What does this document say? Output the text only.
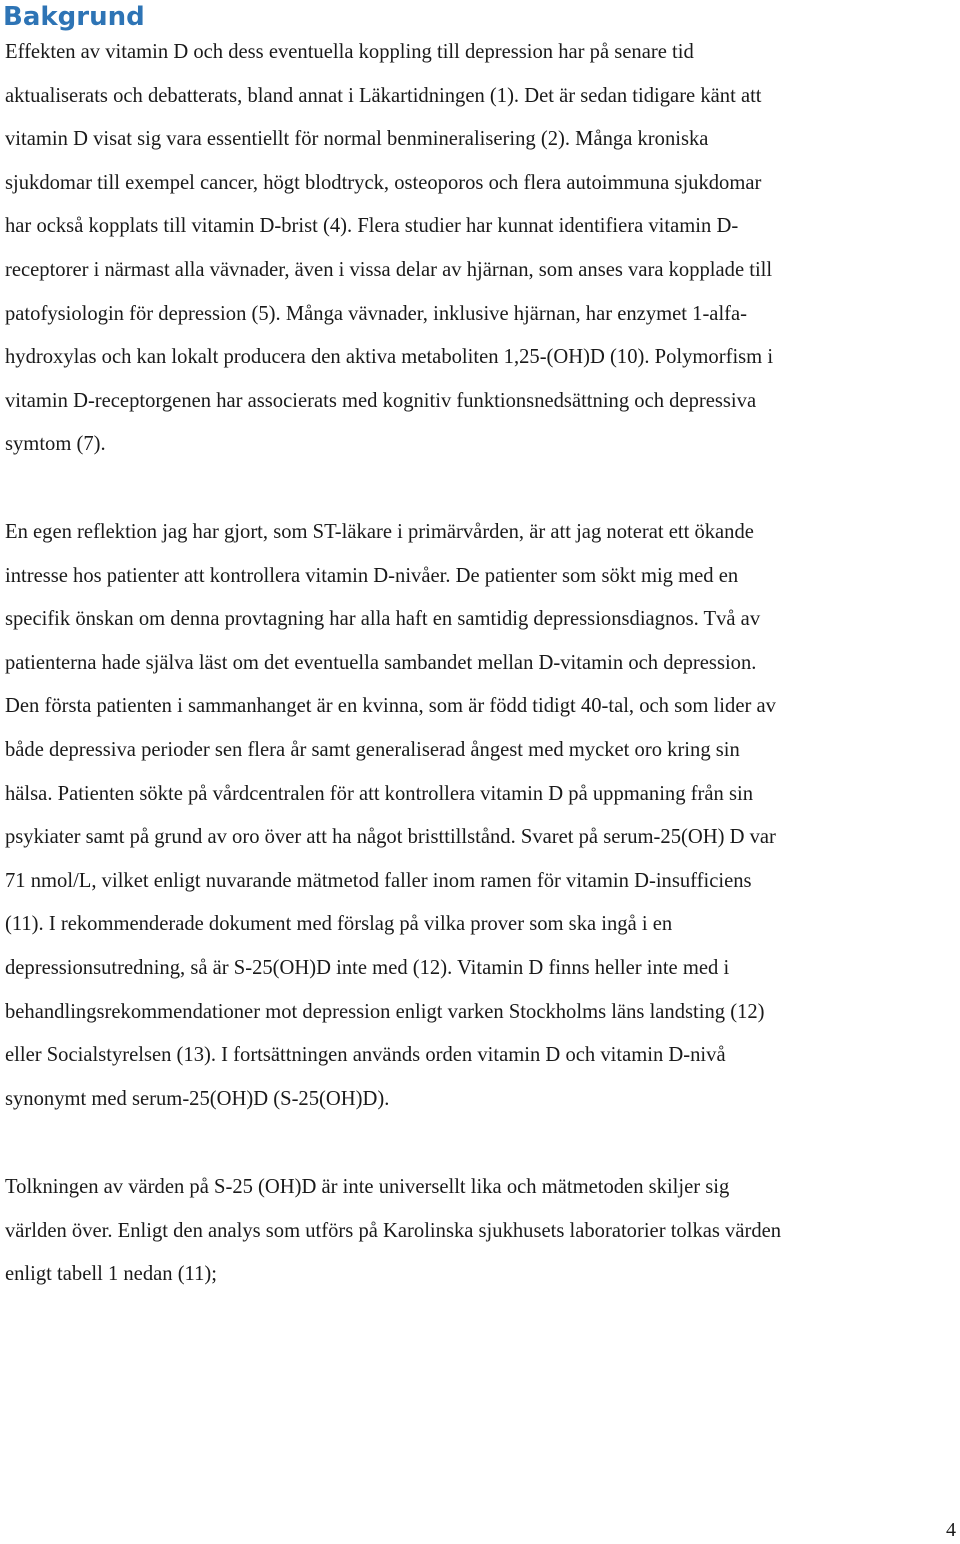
Bakgrund

Effekten av vitamin D och dess eventuella koppling till depression har på senare tid
aktualiserats och debatterats, bland annat i Läkartidningen (1). Det är sedan tidigare känt att
vitamin D visat sig vara essentiellt för normal benmineralisering (2). Många kroniska
sjukdomar till exempel cancer, högt blodtryck, osteoporos och flera autoimmuna sjukdomar
har också kopplats till vitamin D-brist (4). Flera studier har kunnat identifiera vitamin D-
receptorer i närmast alla vävnader, även i vissa delar av hjärnan, som anses vara kopplade till
patofysiologin för depression (5). Många vävnader, inklusive hjärnan, har enzymet 1-alfa-
hydroxylas och kan lokalt producera den aktiva metaboliten 1,25-(OH)D (10). Polymorfism i
vitamin D-receptorgenen har associerats med kognitiv funktionsnedsättning och depressiva
symtom (7).

En egen reflektion jag har gjort, som ST-läkare i primärvården, är att jag noterat ett ökande
intresse hos patienter att kontrollera vitamin D-nivåer. De patienter som sökt mig med en
specifik önskan om denna provtagning har alla haft en samtidig depressionsdiagnos. Två av
patienterna hade själva läst om det eventuella sambandet mellan D-vitamin och depression.
Den första patienten i sammanhanget är en kvinna, som är född tidigt 40-tal, och som lider av
både depressiva perioder sen flera år samt generaliserad ångest med mycket oro kring sin
hälsa. Patienten sökte på vårdcentralen för att kontrollera vitamin D på uppmaning från sin
psykiater samt på grund av oro över att ha något bristtillstånd. Svaret på serum-25(OH) D var
71 nmol/L, vilket enligt nuvarande mätmetod faller inom ramen för vitamin D-insufficiens
(11). I rekommenderade dokument med förslag på vilka prover som ska ingå i en
depressionsutredning, så är S-25(OH)D inte med (12). Vitamin D finns heller inte med i
behandlingsrekommendationer mot depression enligt varken Stockholms läns landsting (12)
eller Socialstyrelsen (13). I fortsättningen används orden vitamin D och vitamin D-nivå
synonymt med serum-25(OH)D (S-25(OH)D).

Tolkningen av värden på S-25 (OH)D är inte universellt lika och mätmetoden skiljer sig
världen över. Enligt den analys som utförs på Karolinska sjukhusets laboratorier tolkas värden
enligt tabell 1 nedan (11);

4
